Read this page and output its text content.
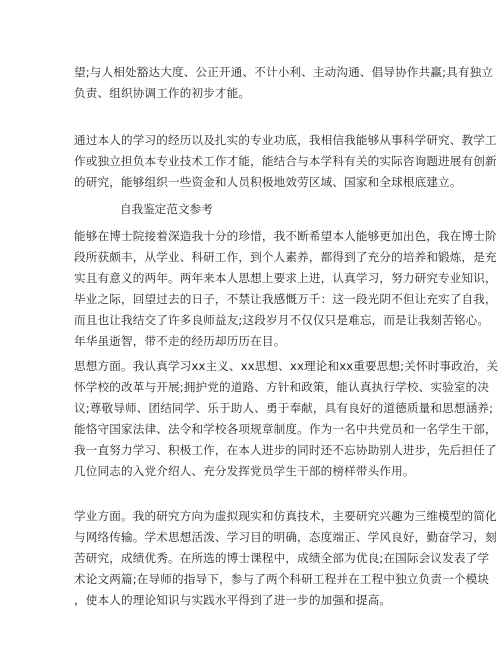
望;与人相处豁达大度、公正开通、不计小利、主动沟通、倡导协作共赢;具有独立
负责、组织协调工作的初步才能。

通过本人的学习的经历以及扎实的专业功底，我相信我能够从事科学研究、教学工
作或独立担负本专业技术工作才能，能结合与本学科有关的实际咨询题进展有创新
的研究，能够组织一些资金和人员积极地效劳区域、国家和全球根底建立。

自我鉴定范文参考

能够在博士院接着深造我十分的珍惜，我不断希望本人能够更加出色，我在博士阶
段所获颇丰，从学业、科研工作，到个人素养，都得到了充分的培养和锻炼，是充
实且有意义的两年。两年来本人思想上要求上进，认真学习，努力研究专业知识，
毕业之际，回望过去的日子，不禁让我感慨万千：这一段光阴不但让充实了自我，
而且也让我结交了许多良师益友;这段岁月不仅仅只是难忘，而是让我刻苦铭心。
年华虽逝智，带不走的经历却历历在目。

思想方面。我认真学习xx主义、xx思想、xx理论和xx重要思想;关怀时事政治，关
怀学校的改革与开展;拥护党的道路、方针和政策，能认真执行学校、实验室的决
议;尊敬导师、团结同学、乐于助人、勇于奉献，具有良好的道德质量和思想涵养;
能恪守国家法律、法令和学校各项规章制度。作为一名中共党员和一名学生干部，
我一直努力学习、积极工作，在本人进步的同时还不忘协助别人进步，先后担任了
几位同志的入党介绍人、充分发挥党员学生干部的榜样带头作用。

学业方面。我的研究方向为虚拟现实和仿真技术，主要研究兴趣为三维模型的简化
与网络传输。学术思想活泼、学习目的明确，态度端正、学风良好，勤奋学习，刻
苦研究，成绩优秀。在所选的博士课程中，成绩全部为优良;在国际会议发表了学
术论文两篇;在导师的指导下，参与了两个科研工程并在工程中独立负责一个模块
，使本人的理论知识与实践水平得到了进一步的加强和提高。
